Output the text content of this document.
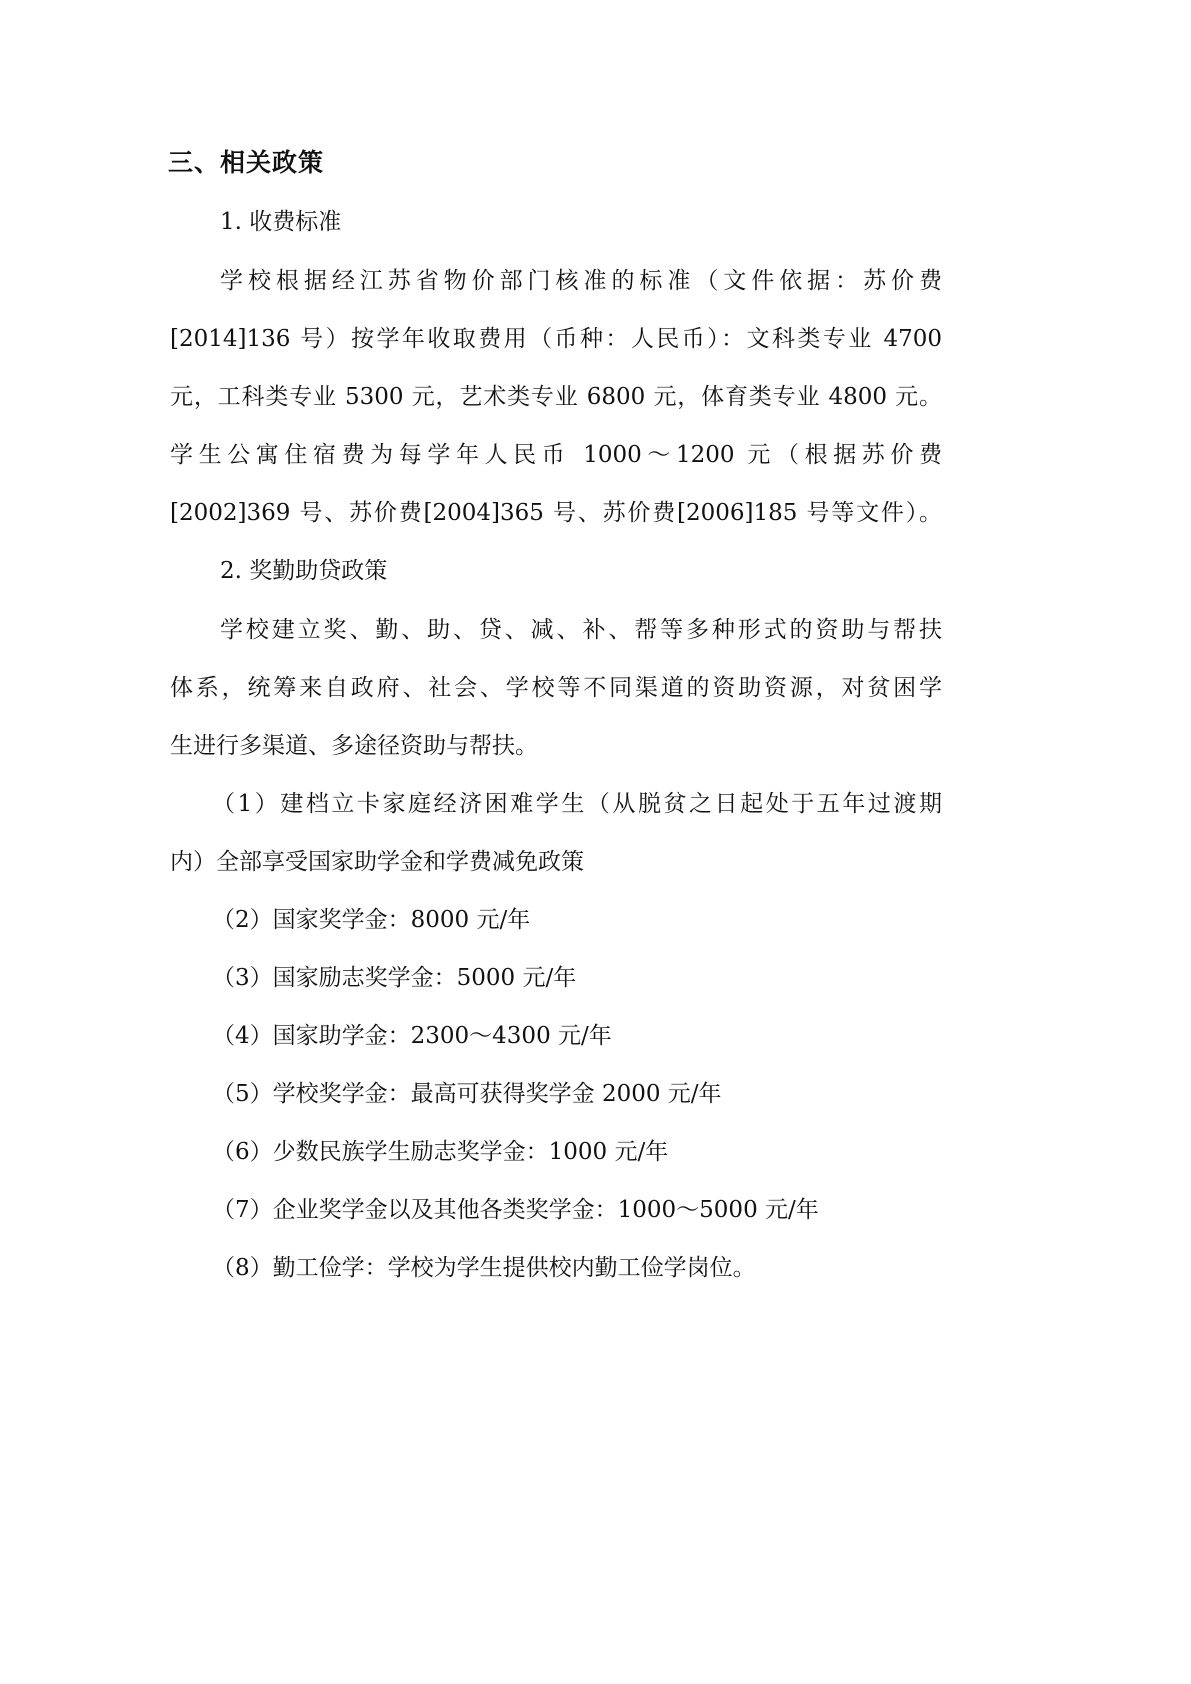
三、相关政策

1. 收费标准

学校根据经江苏省物价部门核准的标准（文件依据：苏价费

[2014]136 号）按学年收取费用（币种：人民币）：文科类专业 4700

元，工科类专业 5300 元，艺术类专业 6800 元，体育类专业 4800 元。

学生公寓住宿费为每学年人民币 1000～1200 元（根据苏价费

[2002]369 号、苏价费[2004]365 号、苏价费[2006]185 号等文件）。

2. 奖勤助贷政策

学校建立奖、勤、助、贷、减、补、帮等多种形式的资助与帮扶

体系，统筹来自政府、社会、学校等不同渠道的资助资源，对贫困学

生进行多渠道、多途径资助与帮扶。

（1）建档立卡家庭经济困难学生（从脱贫之日起处于五年过渡期

内）全部享受国家助学金和学费减免政策

（2）国家奖学金：8000 元/年

（3）国家励志奖学金：5000 元/年

（4）国家助学金：2300～4300 元/年

（5）学校奖学金：最高可获得奖学金 2000 元/年

（6）少数民族学生励志奖学金：1000 元/年

（7）企业奖学金以及其他各类奖学金：1000～5000 元/年

（8）勤工俭学：学校为学生提供校内勤工俭学岗位。
